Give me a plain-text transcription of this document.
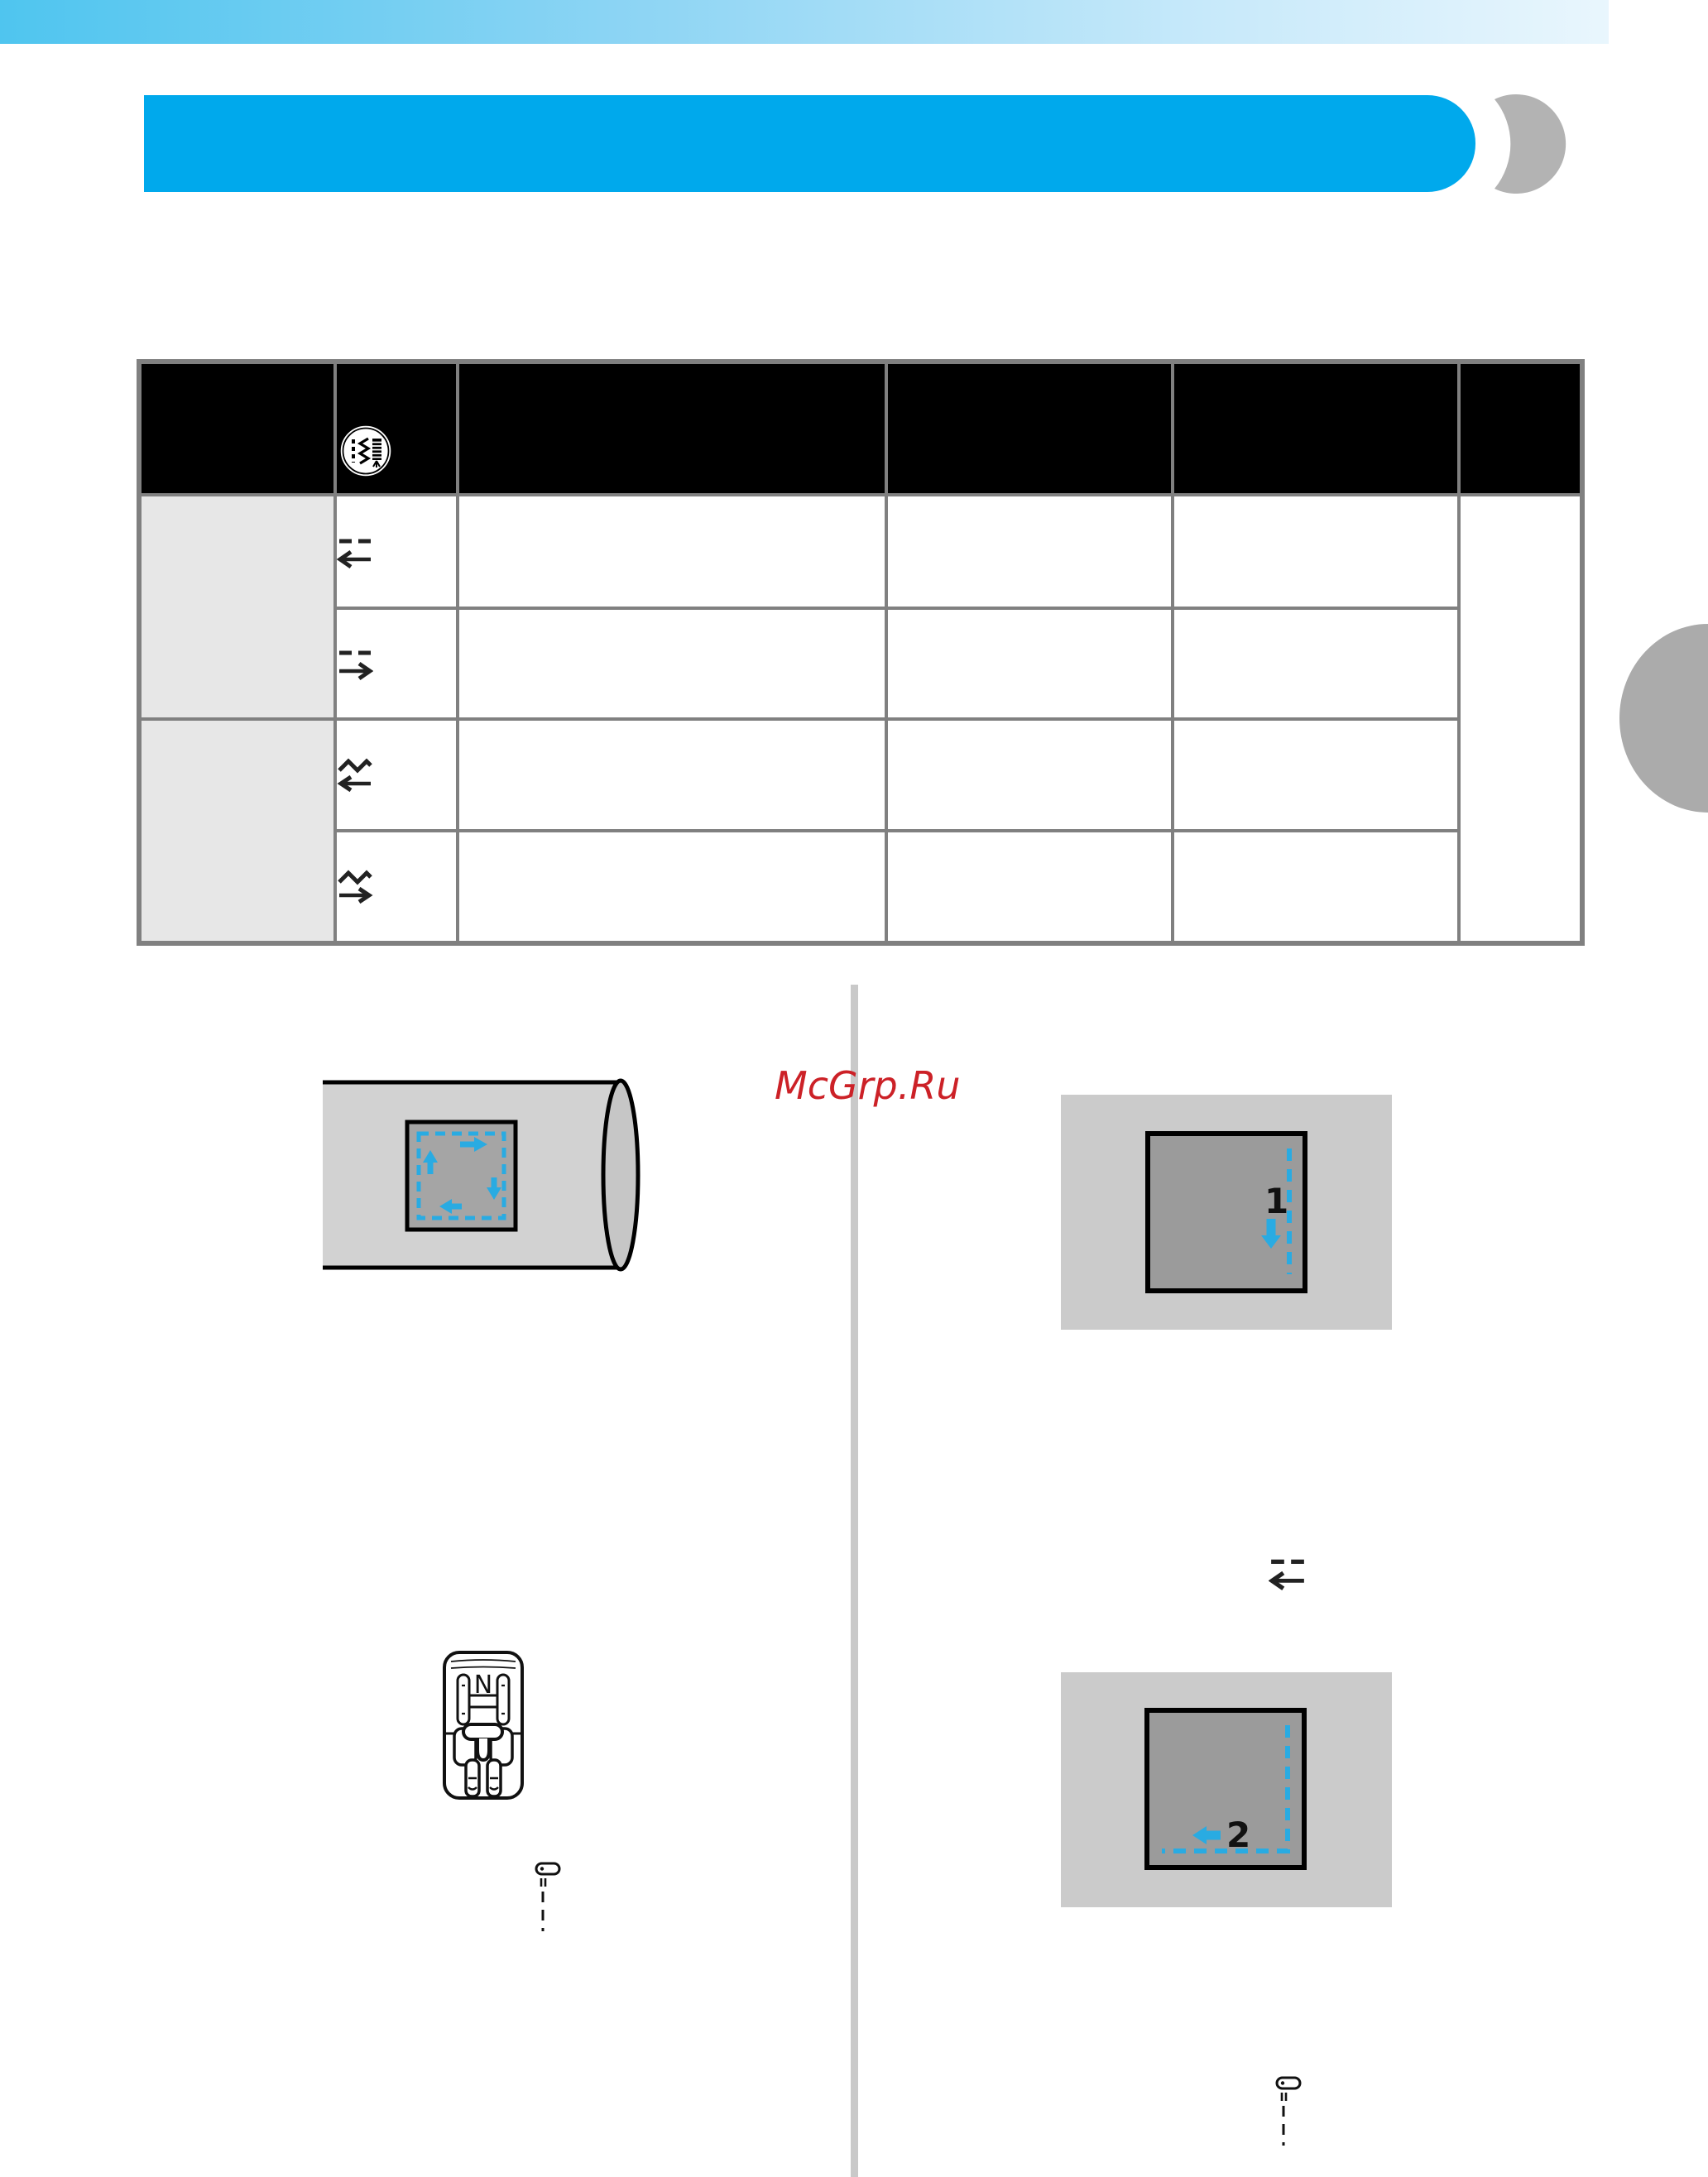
McGrp.Ru
1
2
N
